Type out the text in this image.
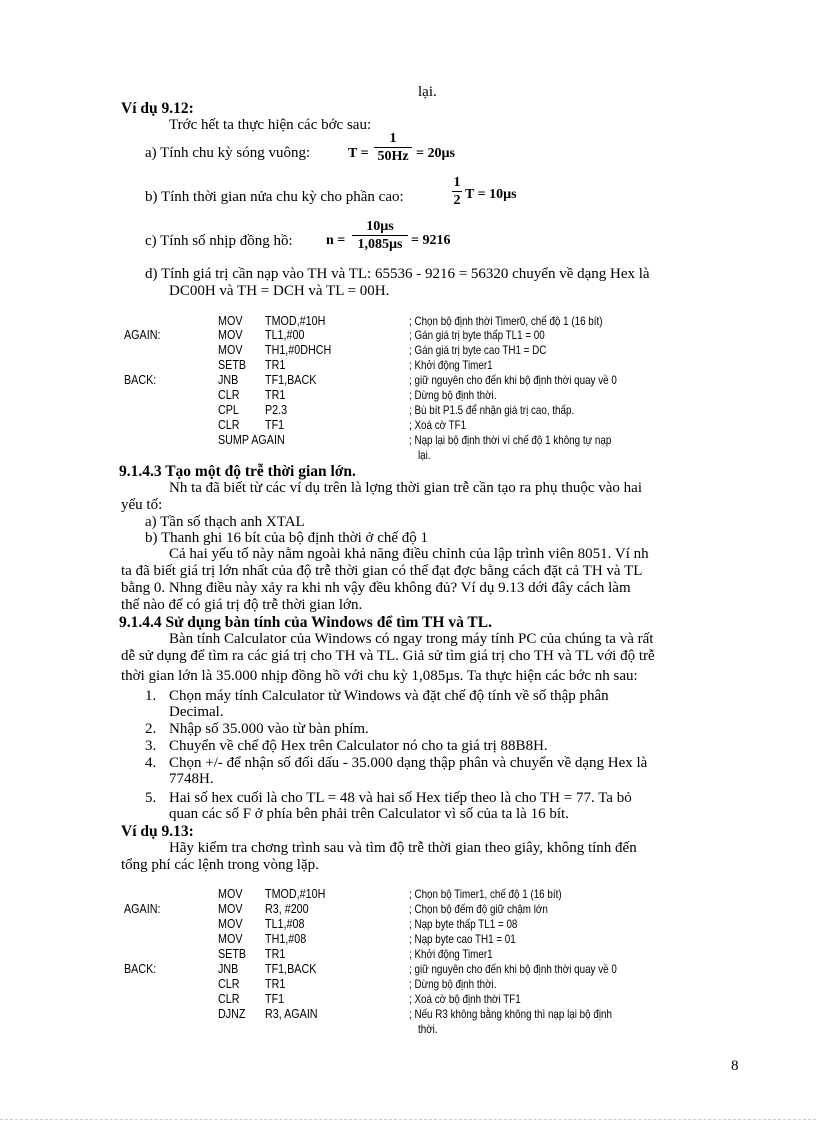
lại.
Ví dụ 9.12:
Trớc hết ta thực hiện các bớc sau:
a) Tính chu kỳ sóng vuông:	T =
1
50Hz = 20µs
b) Tính thời gian nửa chu kỳ cho phần cao:
1
2 T = 10µs
c) Tính số nhịp đồng hồ: n =
10µs
1,085µs = 9216
d) Tính giá trị cần nạp vào TH và TL: 65536 - 9216 = 56320 chuyển về dạng Hex là
DC00H và TH = DCH và TL = 00H.
MOV TMOD,#10H	; Chọn bộ định thời Timer0, chế độ 1 (16 bít)
AGAIN:	MOV TL1,#00	; Gán giá trị byte thấp TL1 = 00
MOV TH1,#0DHCH	; Gán giá trị byte cao TH1 = DC
SETB TR1	; Khởi động Timer1
BACK:	JNB TF1,BACK	; giữ nguyên cho đến khi bộ định thời quay về 0
CLR TR1	; Dừng bộ định thời.
CPL P2.3	; Bù bít P1.5 để nhận giá trị cao, thấp.
CLR TF1	; Xoá cờ TF1
SUMP AGAIN	; Nạp lại bộ định thời vì chế độ 1 không tự nạp
lại.
9.1.4.3 Tạo một độ trễ thời gian lớn.
Nh ta đã biết từ các ví dụ trên là lợng thời gian trễ cần tạo ra phụ thuộc vào hai
yếu tố:
a) Tần số thạch anh XTAL
b) Thanh ghi 16 bít của bộ định thời ở chế độ 1
Cả hai yếu tố này nằm ngoài khả năng điều chỉnh của lập trình viên 8051. Ví nh
ta đã biết giá trị lớn nhất của độ trễ thời gian có thể đạt đợc bằng cách đặt cả TH và TL
bằng 0. Nhng điều này xảy ra khi nh vậy đều không đủ? Ví dụ 9.13 dới đây cách làm
thế nào để có giá trị độ trễ thời gian lớn.
9.1.4.4 Sử dụng bàn tính của Windows để tìm TH và TL.
Bàn tính Calculator của Windows có ngay trong máy tính PC của chúng ta và rất
dễ sử dụng để tìm ra các giá trị cho TH và TL. Giả sử tìm giá trị cho TH và TL với độ trễ
thời gian lớn là 35.000 nhịp đồng hồ với chu kỳ 1,085µs. Ta thực hiện các bớc nh sau:
1. Chọn máy tính Calculator từ Windows và đặt chế độ tính về số thập phân
Decimal.
2. Nhập số 35.000 vào từ bàn phím.
3. Chuyển về chế độ Hex trên Calculator nó cho ta giá trị 88B8H.
4. Chọn +/- để nhận số đối dấu - 35.000 dạng thập phân và chuyển về dạng Hex là
7748H.
5. Hai số hex cuối là cho TL = 48 và hai số Hex tiếp theo là cho TH = 77. Ta bỏ
quan các số F ở phía bên phải trên Calculator vì số của ta là 16 bít.
Ví dụ 9.13:
Hãy kiểm tra chơng trình sau và tìm độ trễ thời gian theo giây, không tính đến
tổng phí các lệnh trong vòng lặp.
MOV TMOD,#10H	; Chọn bộ Timer1, chế độ 1 (16 bít)
AGAIN:	MOV R3, #200	; Chọn bộ đếm độ giữ chậm lớn
MOV TL1,#08	; Nạp byte thấp TL1 = 08
MOV TH1,#08	; Nạp byte cao TH1 = 01
SETB TR1	; Khởi động Timer1
BACK:	JNB TF1,BACK	; giữ nguyên cho đến khi bộ định thời quay về 0
CLR TR1	; Dừng bộ định thời.
CLR TF1	; Xoá cờ bộ định thời TF1
DJNZ R3, AGAIN	; Nếu R3 không bằng không thì nạp lại bộ định
thời.
8
